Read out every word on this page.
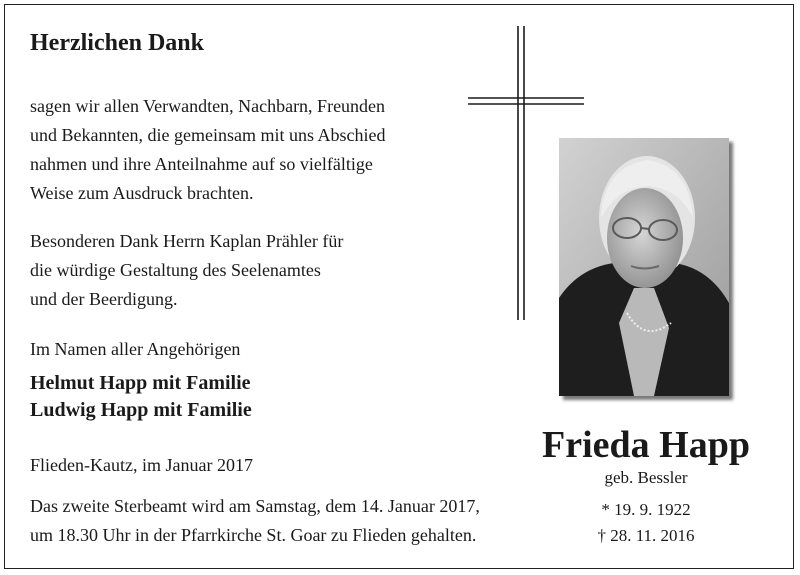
Herzlichen Dank

sagen wir allen Verwandten, Nachbarn, Freunden
und Bekannten, die gemeinsam mit uns Abschied
nahmen und ihre Anteilnahme auf so vielfältige
Weise zum Ausdruck brachten.
Besonderen Dank Herrn Kaplan Prähler für
die würdige Gestaltung des Seelenamtes
und der Beerdigung.

Im Namen aller Angehörigen

Helmut Happ mit Familie

Ludwig Happ mit Familie

Flieden-Kautz, im Januar 2017

Das zweite Sterbeamt wird am Samstag, dem 14. Januar 2017,
um 18.30 Uhr in der Pfarrkirche St. Goar zu Flieden gehalten.

Frieda Happ

geb. Bessler

* 19. 9. 1922

† 28. 11. 2016
